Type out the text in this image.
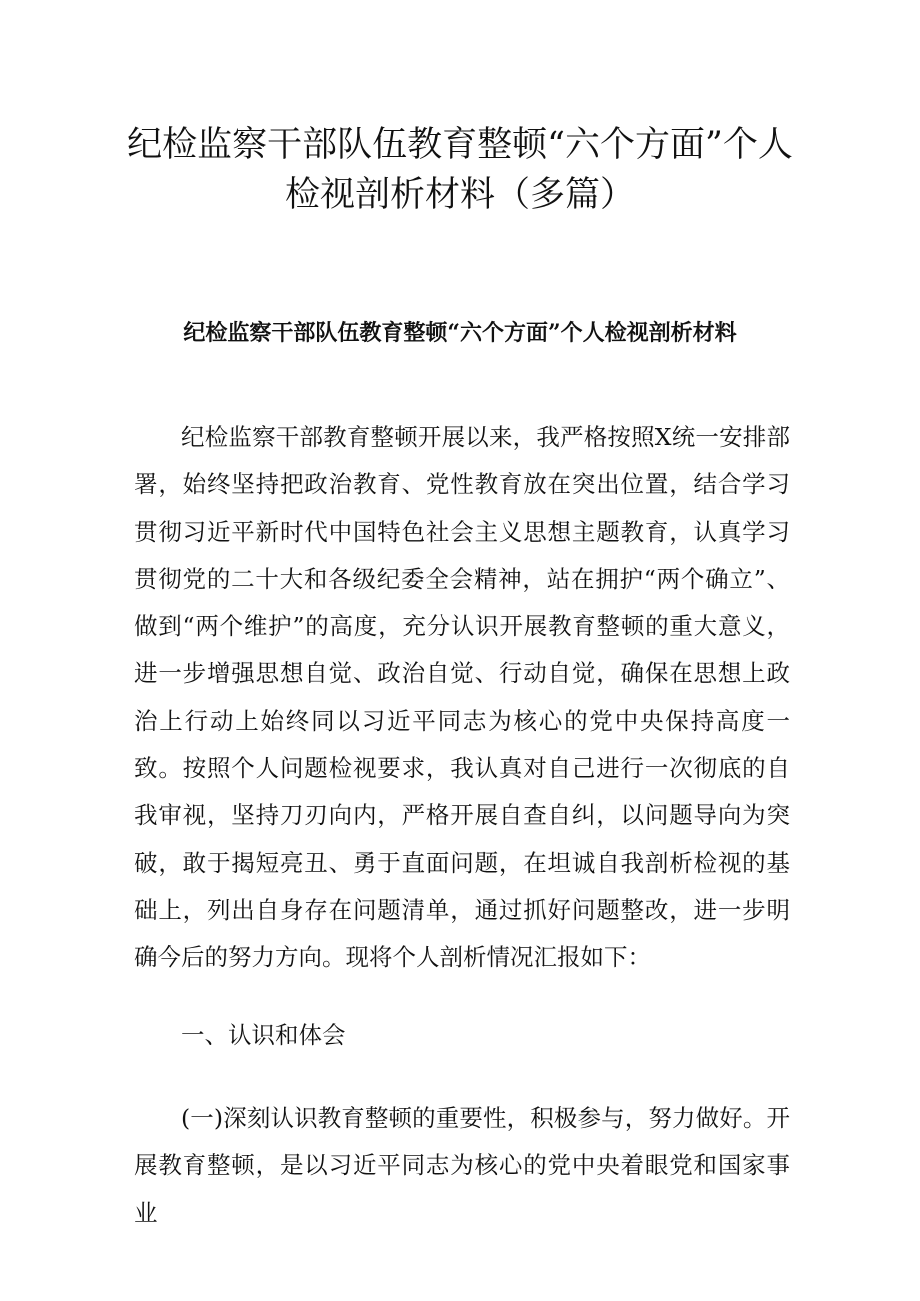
纪检监察干部队伍教育整顿“六个方面”个人检视剖析材料（多篇）
纪检监察干部队伍教育整顿“六个方面”个人检视剖析材料

纪检监察干部教育整顿开展以来，我严格按照X统一安排部署，始终坚持把政治教育、党性教育放在突出位置，结合学习贯彻习近平新时代中国特色社会主义思想主题教育，认真学习贯彻党的二十大和各级纪委全会精神，站在拥护“两个确立”、做到“两个维护”的高度，充分认识开展教育整顿的重大意义，进一步增强思想自觉、政治自觉、行动自觉，确保在思想上政治上行动上始终同以习近平同志为核心的党中央保持高度一致。按照个人问题检视要求，我认真对自己进行一次彻底的自我审视，坚持刀刃向内，严格开展自查自纠，以问题导向为突破，敢于揭短亮丑、勇于直面问题，在坦诚自我剖析检视的基础上，列出自身存在问题清单，通过抓好问题整改，进一步明确今后的努力方向。现将个人剖析情况汇报如下：

一、认识和体会

(一)深刻认识教育整顿的重要性，积极参与，努力做好。开展教育整顿，是以习近平同志为核心的党中央着眼党和国家事业
